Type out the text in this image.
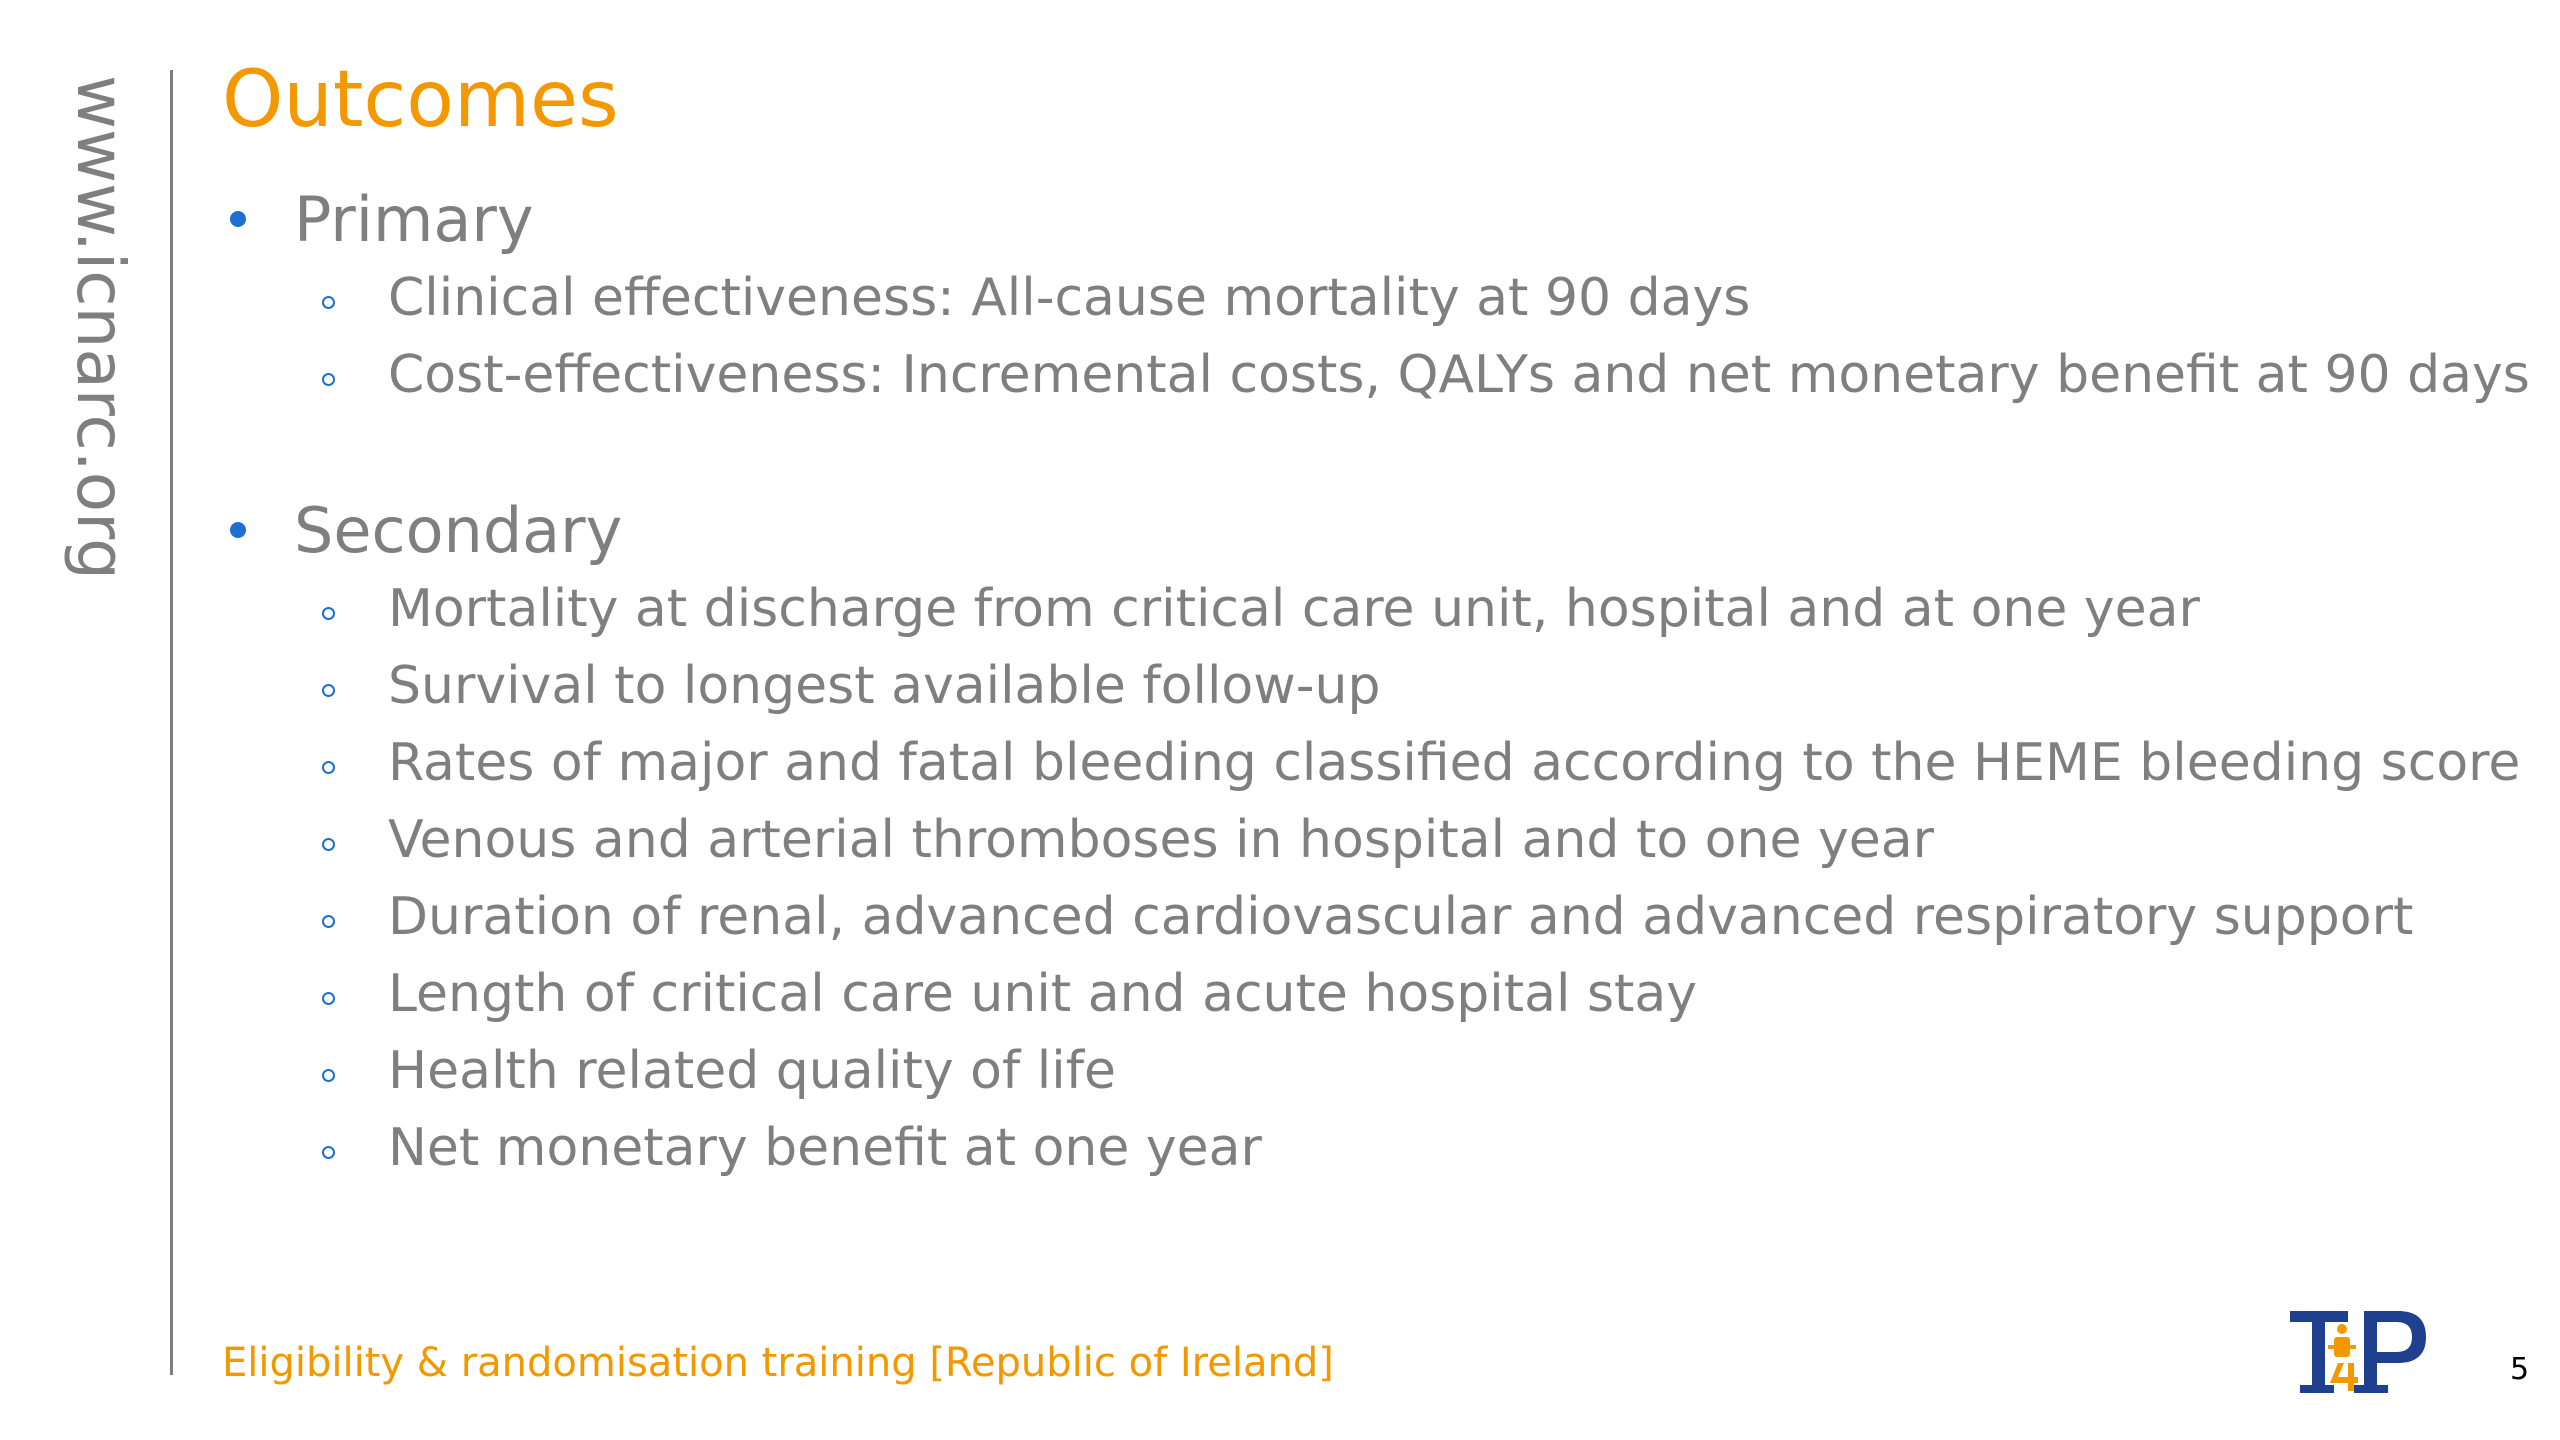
www.icnarc.org Outcomes
Primary
Clinical effectiveness: All-cause mortality at 90 days
Cost-effectiveness: Incremental costs, QALYs and net monetary benefit at 90 days
Secondary
Mortality at discharge from critical care unit, hospital and at one year
Survival to longest available follow-up
Rates of major and fatal bleeding classified according to the HEME bleeding score
Venous and arterial thromboses in hospital and to one year
Duration of renal, advanced cardiovascular and advanced respiratory support
Length of critical care unit and acute hospital stay
Health related quality of life
Net monetary benefit at one year
Eligibility & randomisation training [Republic of Ireland]	5
